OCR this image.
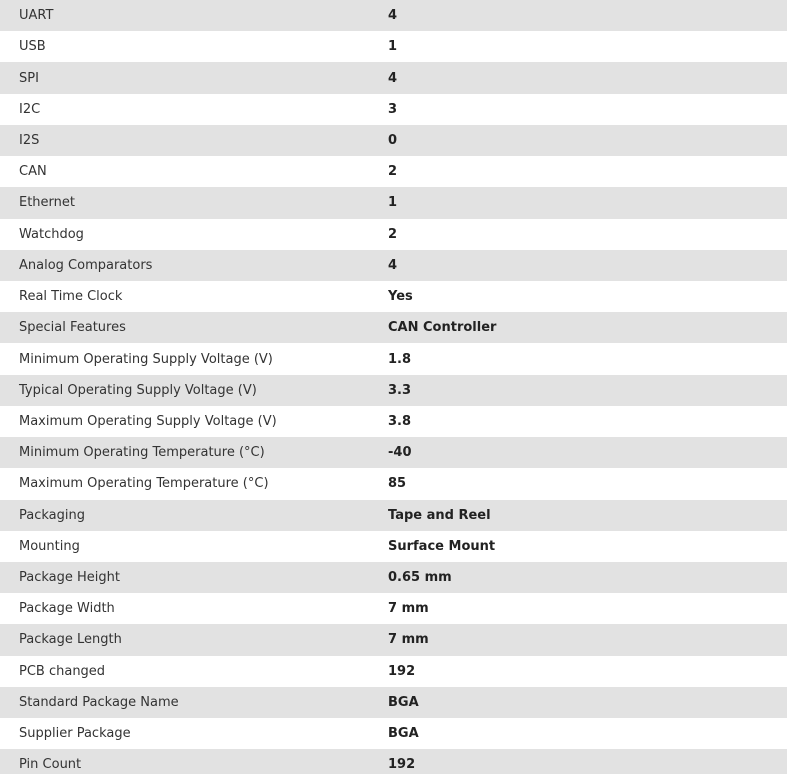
UART	4
USB	1
SPI	4
I2C	3
I2S	0
CAN	2
Ethernet	1
Watchdog	2
Analog Comparators	4
Real Time Clock	Yes
Special Features	CAN Controller
Minimum Operating Supply Voltage (V)	1.8
Typical Operating Supply Voltage (V)	3.3
Maximum Operating Supply Voltage (V)	3.8
Minimum Operating Temperature (°C)	-40
Maximum Operating Temperature (°C)	85
Packaging	Tape and Reel
Mounting	Surface Mount
Package Height	0.65 mm
Package Width	7 mm
Package Length	7 mm
PCB changed	192
Standard Package Name	BGA
Supplier Package	BGA
Pin Count	192
